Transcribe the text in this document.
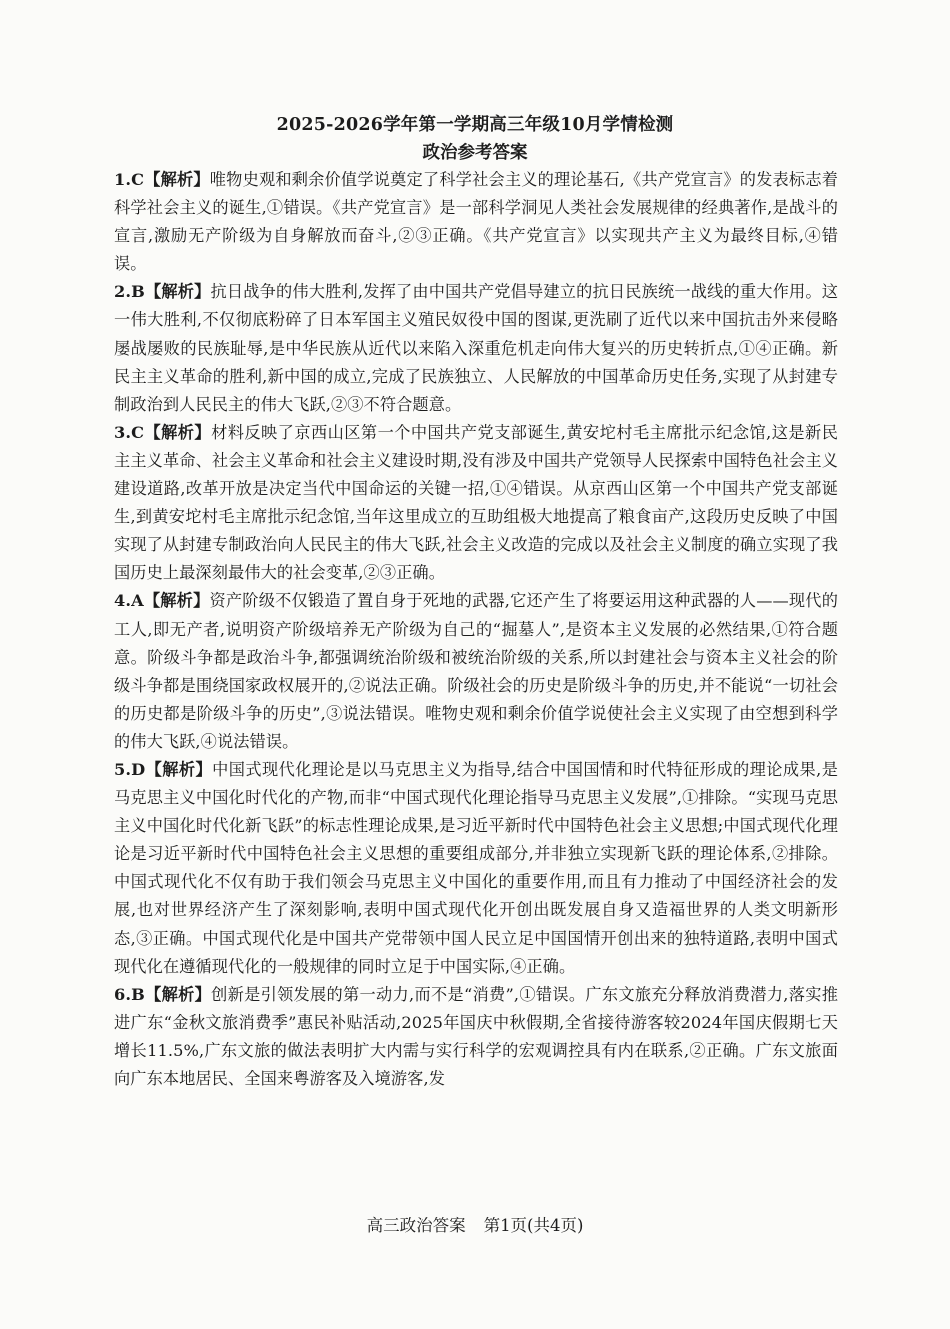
2025-2026学年第一学期高三年级10月学情检测
政治参考答案

1.C【解析】唯物史观和剩余价值学说奠定了科学社会主义的理论基石,《共产党宣言》的发表标志着科学社会主义的诞生,①错误。《共产党宣言》是一部科学洞见人类社会发展规律的经典著作,是战斗的宣言,激励无产阶级为自身解放而奋斗,②③正确。《共产党宣言》以实现共产主义为最终目标,④错误。

2.B【解析】抗日战争的伟大胜利,发挥了由中国共产党倡导建立的抗日民族统一战线的重大作用。这一伟大胜利,不仅彻底粉碎了日本军国主义殖民奴役中国的图谋,更洗刷了近代以来中国抗击外来侵略屡战屡败的民族耻辱,是中华民族从近代以来陷入深重危机走向伟大复兴的历史转折点,①④正确。新民主主义革命的胜利,新中国的成立,完成了民族独立、人民解放的中国革命历史任务,实现了从封建专制政治到人民民主的伟大飞跃,②③不符合题意。

3.C【解析】材料反映了京西山区第一个中国共产党支部诞生,黄安坨村毛主席批示纪念馆,这是新民主主义革命、社会主义革命和社会主义建设时期,没有涉及中国共产党领导人民探索中国特色社会主义建设道路,改革开放是决定当代中国命运的关键一招,①④错误。从京西山区第一个中国共产党支部诞生,到黄安坨村毛主席批示纪念馆,当年这里成立的互助组极大地提高了粮食亩产,这段历史反映了中国实现了从封建专制政治向人民民主的伟大飞跃,社会主义改造的完成以及社会主义制度的确立实现了我国历史上最深刻最伟大的社会变革,②③正确。

4.A【解析】资产阶级不仅锻造了置自身于死地的武器,它还产生了将要运用这种武器的人——现代的工人,即无产者,说明资产阶级培养无产阶级为自己的“掘墓人”,是资本主义发展的必然结果,①符合题意。阶级斗争都是政治斗争,都强调统治阶级和被统治阶级的关系,所以封建社会与资本主义社会的阶级斗争都是围绕国家政权展开的,②说法正确。阶级社会的历史是阶级斗争的历史,并不能说“一切社会的历史都是阶级斗争的历史”,③说法错误。唯物史观和剩余价值学说使社会主义实现了由空想到科学的伟大飞跃,④说法错误。

5.D【解析】中国式现代化理论是以马克思主义为指导,结合中国国情和时代特征形成的理论成果,是马克思主义中国化时代化的产物,而非“中国式现代化理论指导马克思主义发展”,①排除。“实现马克思主义中国化时代化新飞跃”的标志性理论成果,是习近平新时代中国特色社会主义思想;中国式现代化理论是习近平新时代中国特色社会主义思想的重要组成部分,并非独立实现新飞跃的理论体系,②排除。中国式现代化不仅有助于我们领会马克思主义中国化的重要作用,而且有力推动了中国经济社会的发展,也对世界经济产生了深刻影响,表明中国式现代化开创出既发展自身又造福世界的人类文明新形态,③正确。中国式现代化是中国共产党带领中国人民立足中国国情开创出来的独特道路,表明中国式现代化在遵循现代化的一般规律的同时立足于中国实际,④正确。

6.B【解析】创新是引领发展的第一动力,而不是“消费”,①错误。广东文旅充分释放消费潜力,落实推进广东“金秋文旅消费季”惠民补贴活动,2025年国庆中秋假期,全省接待游客较2024年国庆假期七天增长11.5%,广东文旅的做法表明扩大内需与实行科学的宏观调控具有内在联系,②正确。广东文旅面向广东本地居民、全国来粤游客及入境游客,发

高三政治答案 第1页(共4页)
